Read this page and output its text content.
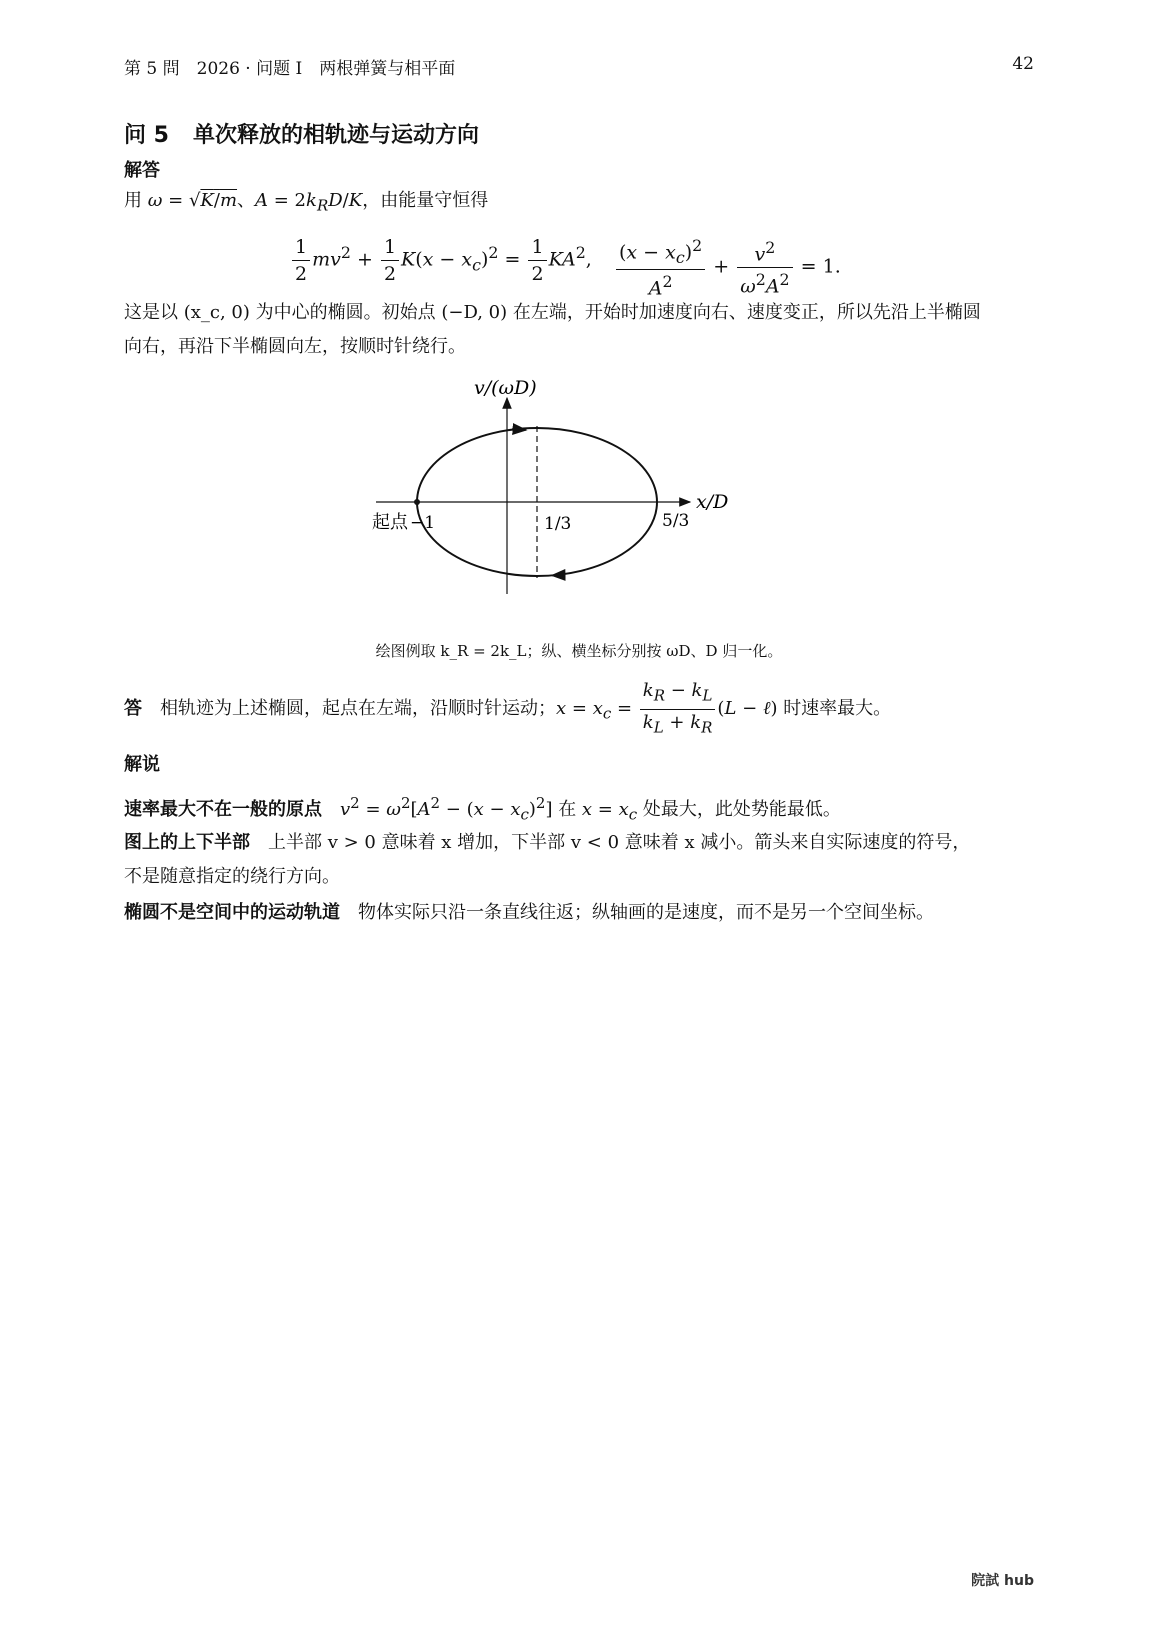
第 5 問　2026 · 问题 I　两根弹簧与相平面	42
问 5 单次释放的相轨迹与运动方向
解答
用 ω = √K/m、$A = 2k_RD/K$，由能量守恒得
$\frac{1}{2} mv^2 + \frac{1}{2} K(x - x_c)^2 = \frac{1}{2} KA^2$, $\frac{(x - x_c)^2}{A^2} + \frac{v^2}{\omega^2A^2} = 1$.
这是以 (x_c, 0) 为中心的椭圆。初始点 (−D, 0) 在左端，开始时加速度向右、速度变正，所以先沿上半椭圆
向右，再沿下半椭圆向左，按顺时针绕行。
v/(ωD)
x/D
起点 −1	1/3	5/3
绘图例取 k_R = 2k_L；纵、横坐标分别按 ωD、D 归一化。
答 相轨迹为上述椭圆，起点在左端，沿顺时针运动；$x = x_c = \frac{k_R - k_L}{k_L + k_R} (L$ − ℓ) 时速率最大。
解说
速率最大不在一般的原点 $v^2 = \omega^2[A^2 - (x - x_c)^2]$ 在 $x = x_c$ 处最大，此处势能最低。
图上的上下半部 上半部 v > 0 意味着 x 增加，下半部 v < 0 意味着 x 减小。箭头来自实际速度的符号，
不是随意指定的绕行方向。
椭圆不是空间中的运动轨道 物体实际只沿一条直线往返；纵轴画的是速度，而不是另一个空间坐标。
院試 hub
